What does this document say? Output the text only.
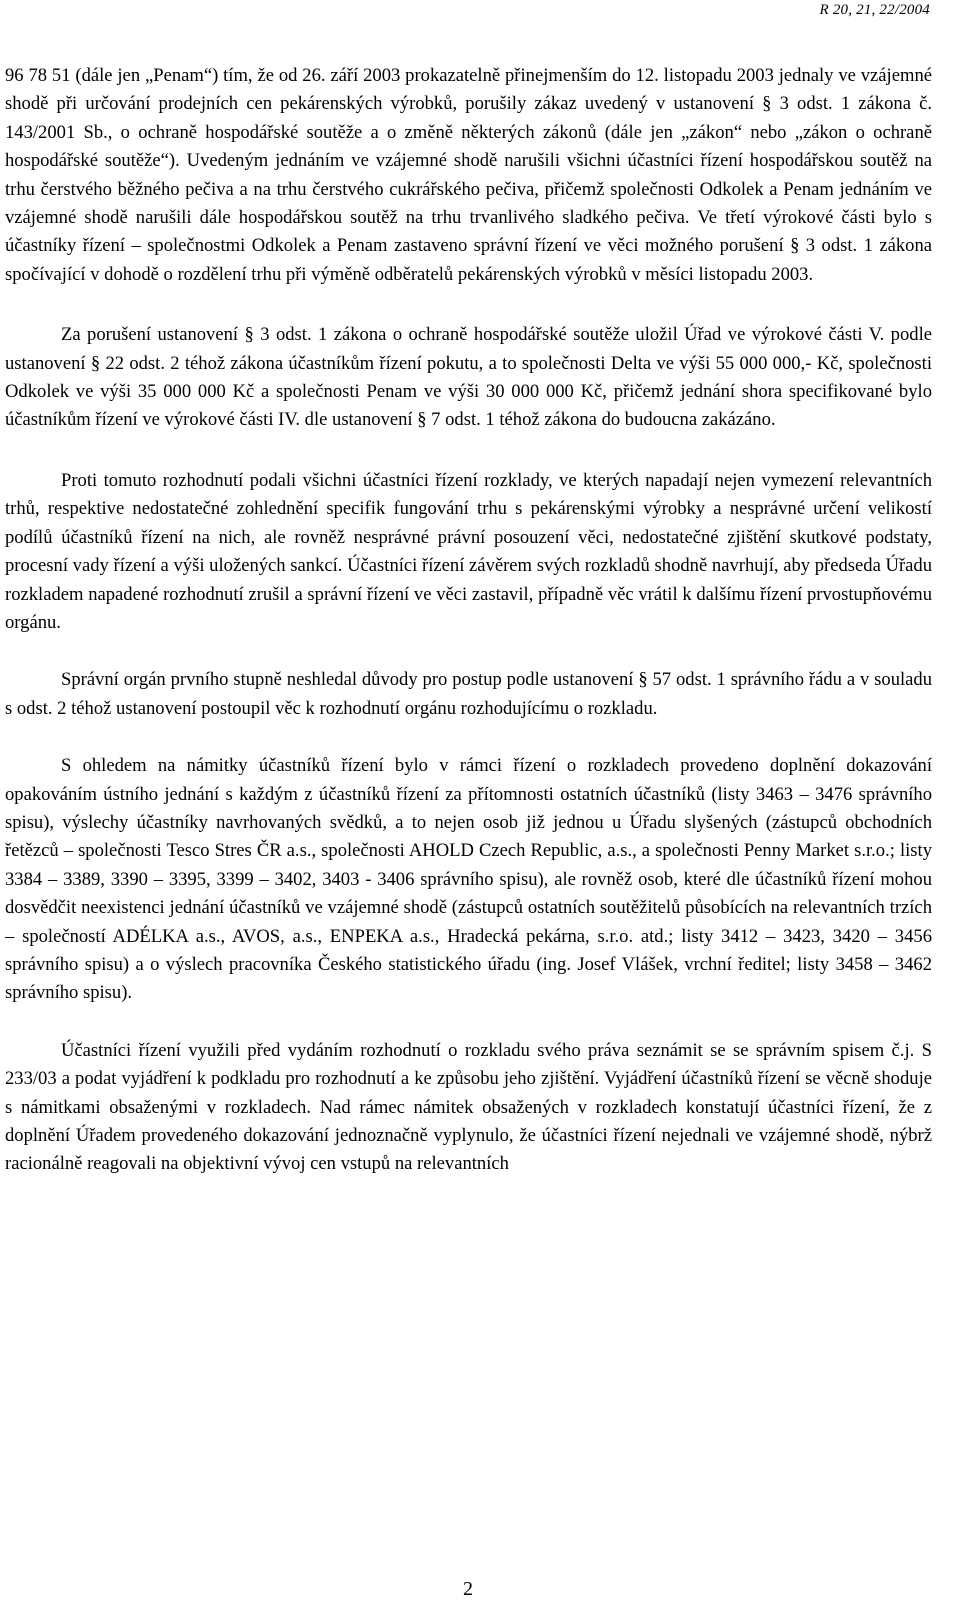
R 20, 21, 22/2004

96 78 51 (dále jen „Penam“) tím, že od 26. září 2003 prokazatelně přinejmenším do 12. listopadu 2003 jednaly ve vzájemné shodě při určování prodejních cen pekárenských výrobků, porušily zákaz uvedený v ustanovení § 3 odst. 1 zákona č. 143/2001 Sb., o ochraně hospodářské soutěže a o změně některých zákonů (dále jen „zákon“ nebo „zákon o ochraně hospodářské soutěže“). Uvedeným jednáním ve vzájemné shodě narušili všichni účastníci řízení hospodářskou soutěž na trhu čerstvého běžného pečiva a na trhu čerstvého cukrářského pečiva, přičemž společnosti Odkolek a Penam jednáním ve vzájemné shodě narušili dále hospodářskou soutěž na trhu trvanlivého sladkého pečiva. Ve třetí výrokové části bylo s účastníky řízení – společnostmi Odkolek a Penam zastaveno správní řízení ve věci možného porušení § 3 odst. 1 zákona spočívající v dohodě o rozdělení trhu při výměně odběratelů pekárenských výrobků v měsíci listopadu 2003.

Za porušení ustanovení § 3 odst. 1 zákona o ochraně hospodářské soutěže uložil Úřad ve výrokové části V. podle ustanovení § 22 odst. 2 téhož zákona účastníkům řízení pokutu, a to společnosti Delta ve výši 55 000 000,- Kč, společnosti Odkolek ve výši 35 000 000 Kč a společnosti Penam ve výši 30 000 000 Kč, přičemž jednání shora specifikované bylo účastníkům řízení ve výrokové části IV. dle ustanovení § 7 odst. 1 téhož zákona do budoucna zakázáno.

Proti tomuto rozhodnutí podali všichni účastníci řízení rozklady, ve kterých napadají nejen vymezení relevantních trhů, respektive nedostatečné zohlednění specifik fungování trhu s pekárenskými výrobky a nesprávné určení velikostí podílů účastníků řízení na nich, ale rovněž nesprávné právní posouzení věci, nedostatečné zjištění skutkové podstaty, procesní vady řízení a výši uložených sankcí. Účastníci řízení závěrem svých rozkladů shodně navrhují, aby předseda Úřadu rozkladem napadené rozhodnutí zrušil a správní řízení ve věci zastavil, případně věc vrátil k dalšímu řízení prvostupňovému orgánu.

Správní orgán prvního stupně neshledal důvody pro postup podle ustanovení § 57 odst. 1 správního řádu a v souladu s odst. 2 téhož ustanovení postoupil věc k rozhodnutí orgánu rozhodujícímu o rozkladu.

S ohledem na námitky účastníků řízení bylo v rámci řízení o rozkladech provedeno doplnění dokazování opakováním ústního jednání s každým z účastníků řízení za přítomnosti ostatních účastníků (listy 3463 – 3476 správního spisu), výslechy účastníky navrhovaných svědků, a to nejen osob již jednou u Úřadu slyšených (zástupců obchodních řetězců – společnosti Tesco Stres ČR a.s., společnosti AHOLD Czech Republic, a.s., a společnosti Penny Market s.r.o.; listy 3384 – 3389, 3390 – 3395, 3399 – 3402, 3403 - 3406 správního spisu), ale rovněž osob, které dle účastníků řízení mohou dosvědčit neexistenci jednání účastníků ve vzájemné shodě (zástupců ostatních soutěžitelů působících na relevantních trzích – společností ADÉLKA a.s., AVOS, a.s., ENPEKA a.s., Hradecká pekárna, s.r.o. atd.; listy 3412 – 3423, 3420 – 3456 správního spisu) a o výslech pracovníka Českého statistického úřadu (ing. Josef Vlášek, vrchní ředitel; listy 3458 – 3462 správního spisu).

Účastníci řízení využili před vydáním rozhodnutí o rozkladu svého práva seznámit se se správním spisem č.j. S 233/03 a podat vyjádření k podkladu pro rozhodnutí a ke způsobu jeho zjištění. Vyjádření účastníků řízení se věcně shoduje s námitkami obsaženými v rozkladech. Nad rámec námitek obsažených v rozkladech konstatují účastníci řízení, že z doplnění Úřadem provedeného dokazování jednoznačně vyplynulo, že účastníci řízení nejednali ve vzájemné shodě, nýbrž racionálně reagovali na objektivní vývoj cen vstupů na relevantních

2
